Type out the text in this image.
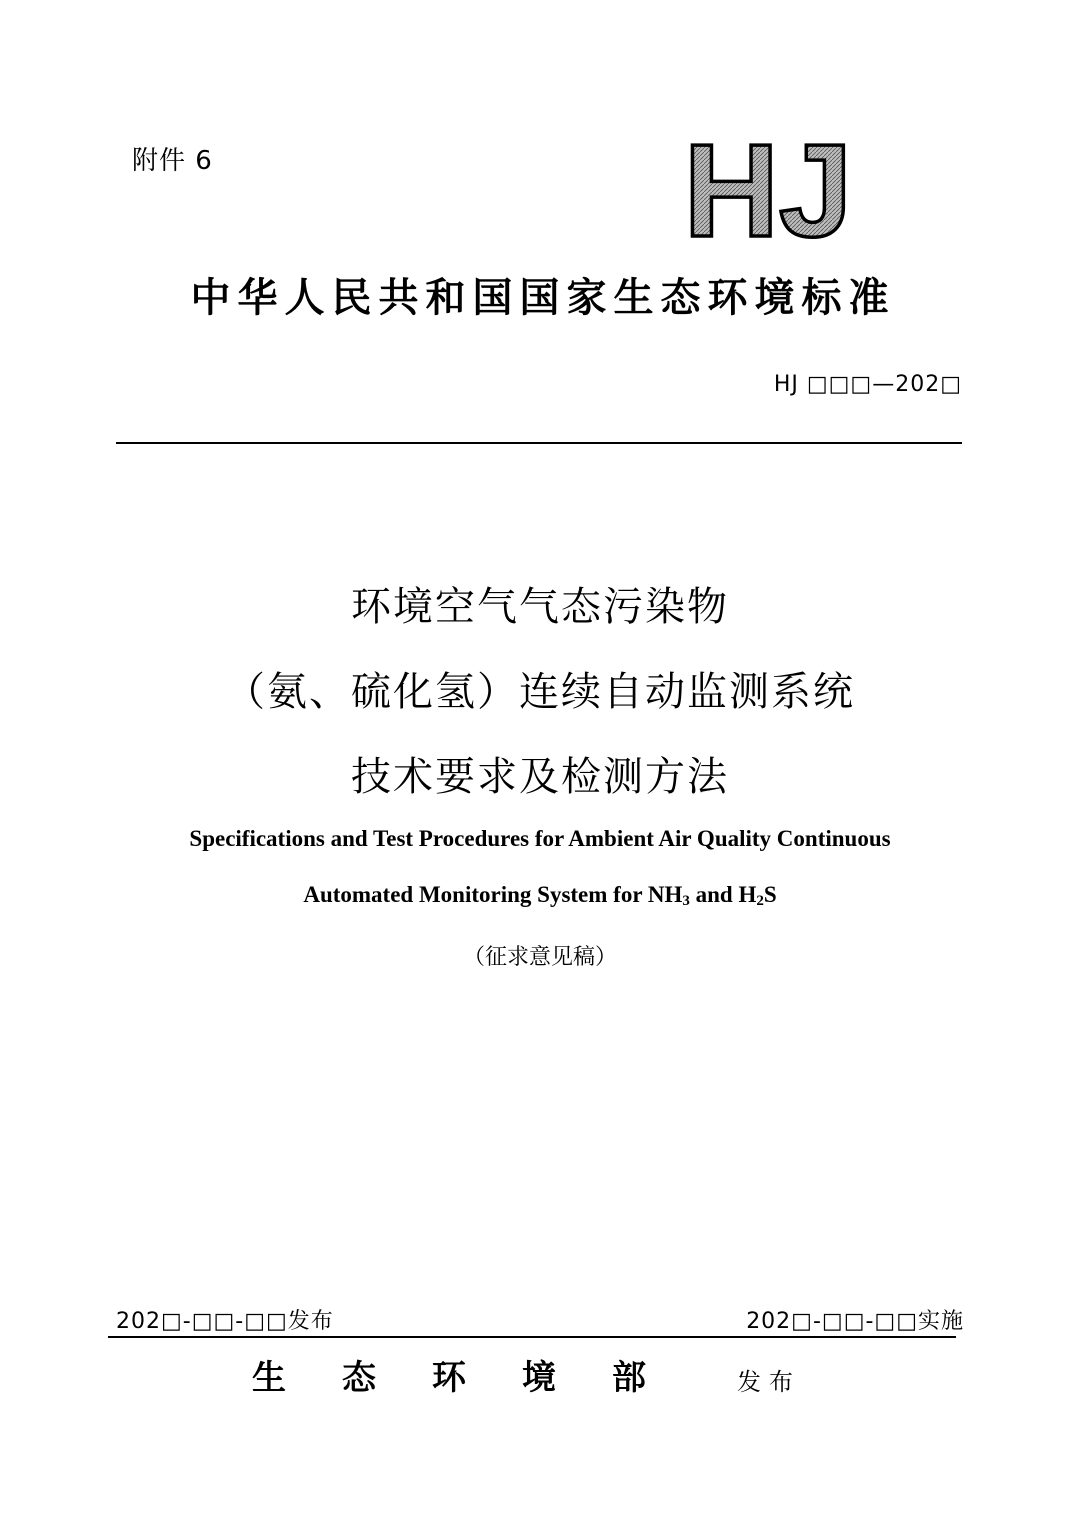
附件 6	HJ
中华人民共和国国家生态环境标准
HJ □□□—202□
环境空气气态污染物
（氨、硫化氢）连续自动监测系统
技术要求及检测方法
Specifications and Test Procedures for Ambient Air Quality Continuous
Automated Monitoring System for $NH_3$ and $H_2S$
（征求意见稿）
202□-□□-□□发布	202□-□□-□□实施
生态环境部 发布
